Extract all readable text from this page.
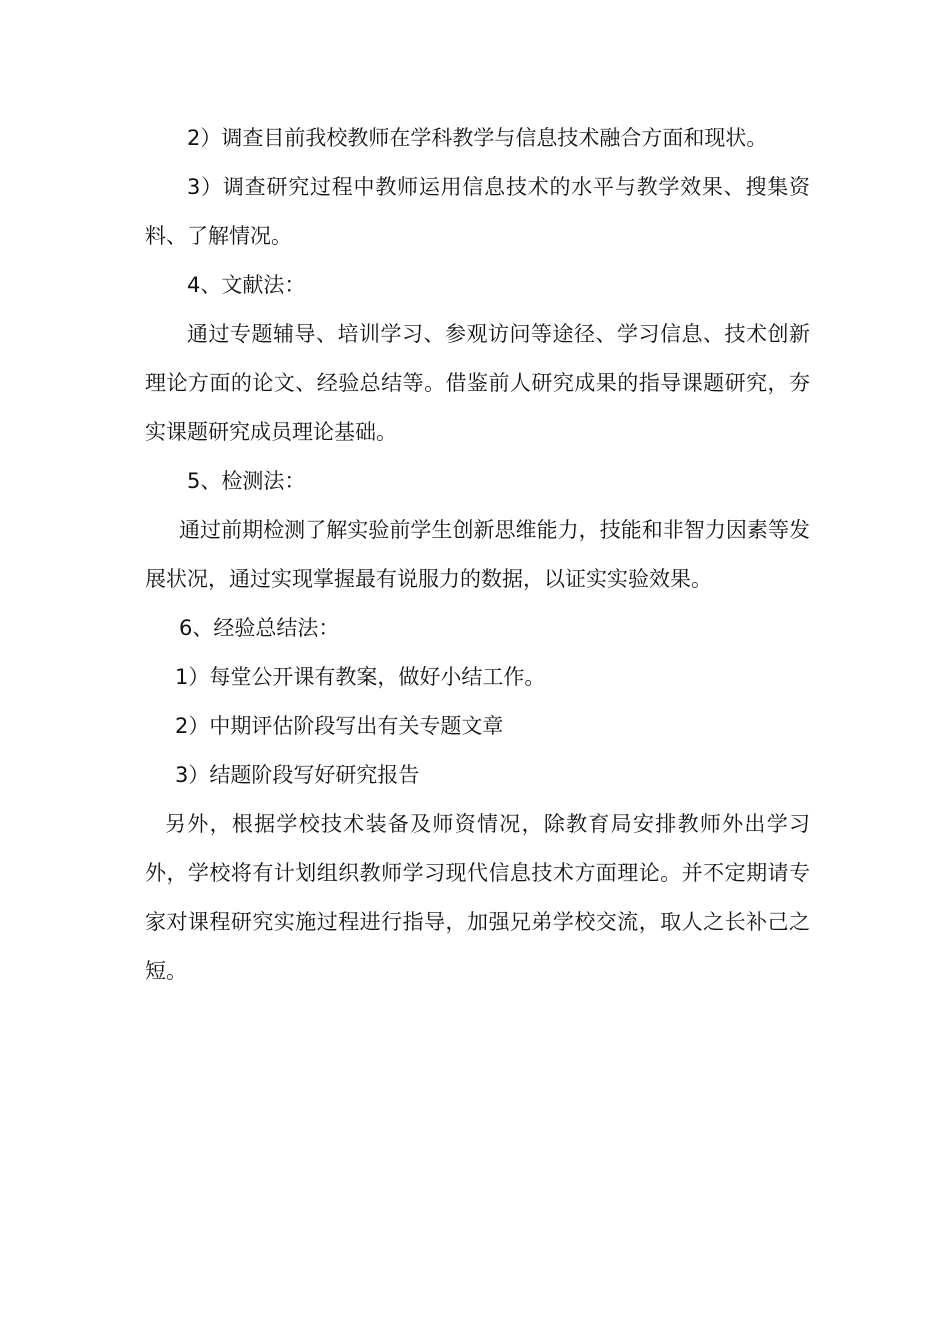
2）调查目前我校教师在学科教学与信息技术融合方面和现状。

3）调查研究过程中教师运用信息技术的水平与教学效果、搜集资料、了解情况。

4、文献法：

通过专题辅导、培训学习、参观访问等途径、学习信息、技术创新理论方面的论文、经验总结等。借鉴前人研究成果的指导课题研究，夯实课题研究成员理论基础。

5、检测法：

通过前期检测了解实验前学生创新思维能力，技能和非智力因素等发展状况，通过实现掌握最有说服力的数据，以证实实验效果。

6、经验总结法：

1）每堂公开课有教案，做好小结工作。

2）中期评估阶段写出有关专题文章

3）结题阶段写好研究报告

另外，根据学校技术装备及师资情况，除教育局安排教师外出学习外，学校将有计划组织教师学习现代信息技术方面理论。并不定期请专家对课程研究实施过程进行指导，加强兄弟学校交流，取人之长补己之短。
